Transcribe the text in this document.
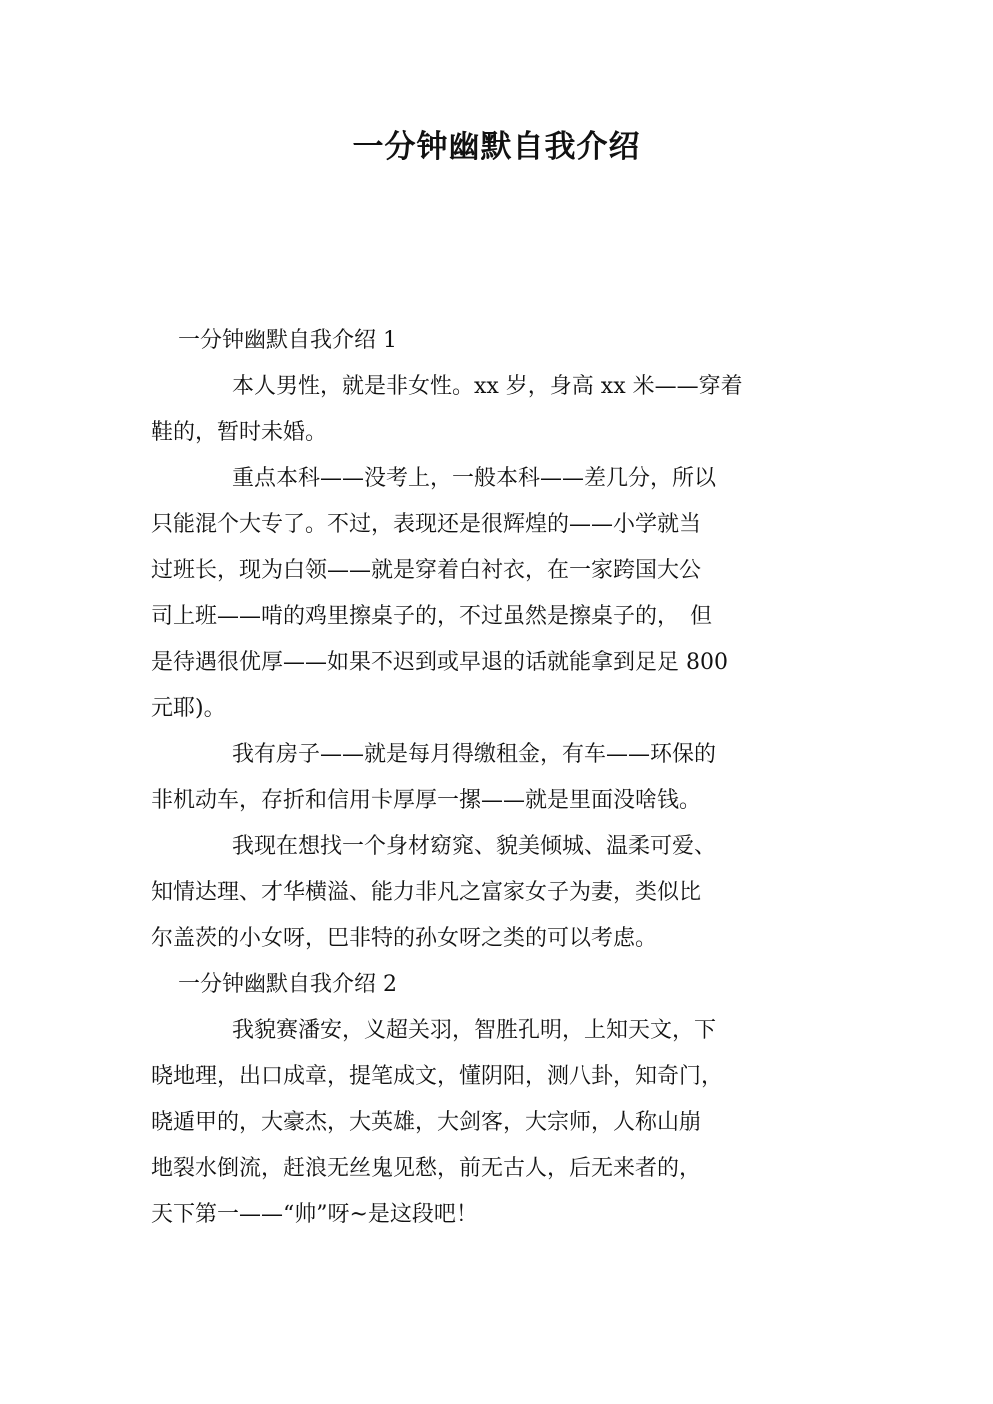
一分钟幽默自我介绍

一分钟幽默自我介绍 1

本人男性，就是非女性。xx 岁，身高 xx 米——穿着
鞋的，暂时未婚。
重点本科——没考上，一般本科——差几分，所以
只能混个大专了。不过，表现还是很辉煌的——小学就当
过班长，现为白领——就是穿着白衬衣，在一家跨国大公
司上班——啃的鸡里擦桌子的，不过虽然是擦桌子的，　但
是待遇很优厚——如果不迟到或早退的话就能拿到足足 800
元耶)。
我有房子——就是每月得缴租金，有车——环保的
非机动车，存折和信用卡厚厚一摞——就是里面没啥钱。
我现在想找一个身材窈窕、貌美倾城、温柔可爱、
知情达理、才华横溢、能力非凡之富家女子为妻，类似比
尔盖茨的小女呀，巴非特的孙女呀之类的可以考虑。

一分钟幽默自我介绍 2

我貌赛潘安，义超关羽，智胜孔明，上知天文，下
晓地理，出口成章，提笔成文，懂阴阳，测八卦，知奇门，
晓遁甲的，大豪杰，大英雄，大剑客，大宗师，人称山崩
地裂水倒流，赶浪无丝鬼见愁，前无古人，后无来者的，
天下第一——“帅”呀~是这段吧！
